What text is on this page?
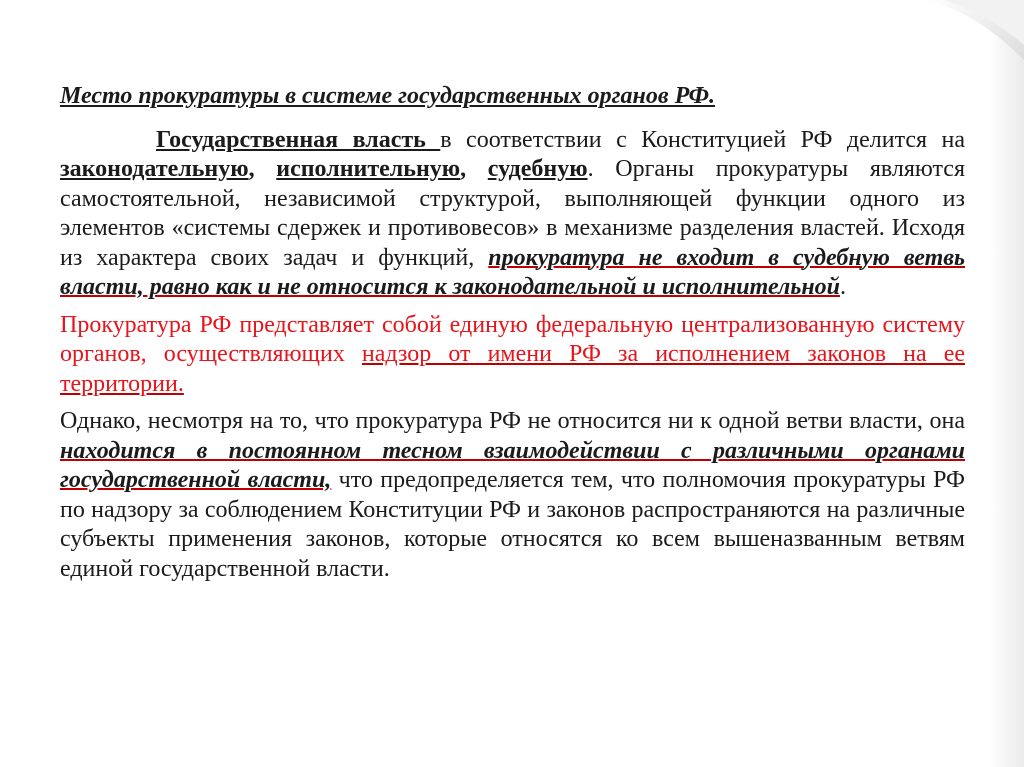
Место прокуратуры в системе государственных органов РФ.

Государственная власть в соответствии с Конституцией РФ делится на законодательную, исполнительную, судебную. Органы прокуратуры являются самостоятельной, независимой структурой, выполняющей функции одного из элементов «системы сдержек и противовесов» в механизме разделения властей. Исходя из характера своих задач и функций, прокуратура не входит в судебную ветвь власти, равно как и не относится к законодательной и исполнительной.

Прокуратура РФ представляет собой единую федеральную централизованную систему органов, осуществляющих надзор от имени РФ за исполнением законов на ее территории.

Однако, несмотря на то, что прокуратура РФ не относится ни к одной ветви власти, она находится в постоянном тесном взаимодействии с различными органами государственной власти, что предопределяется тем, что полномочия прокуратуры РФ по надзору за соблюдением Конституции РФ и законов распространяются на различные субъекты применения законов, которые относятся ко всем вышеназванным ветвям единой государственной власти.
